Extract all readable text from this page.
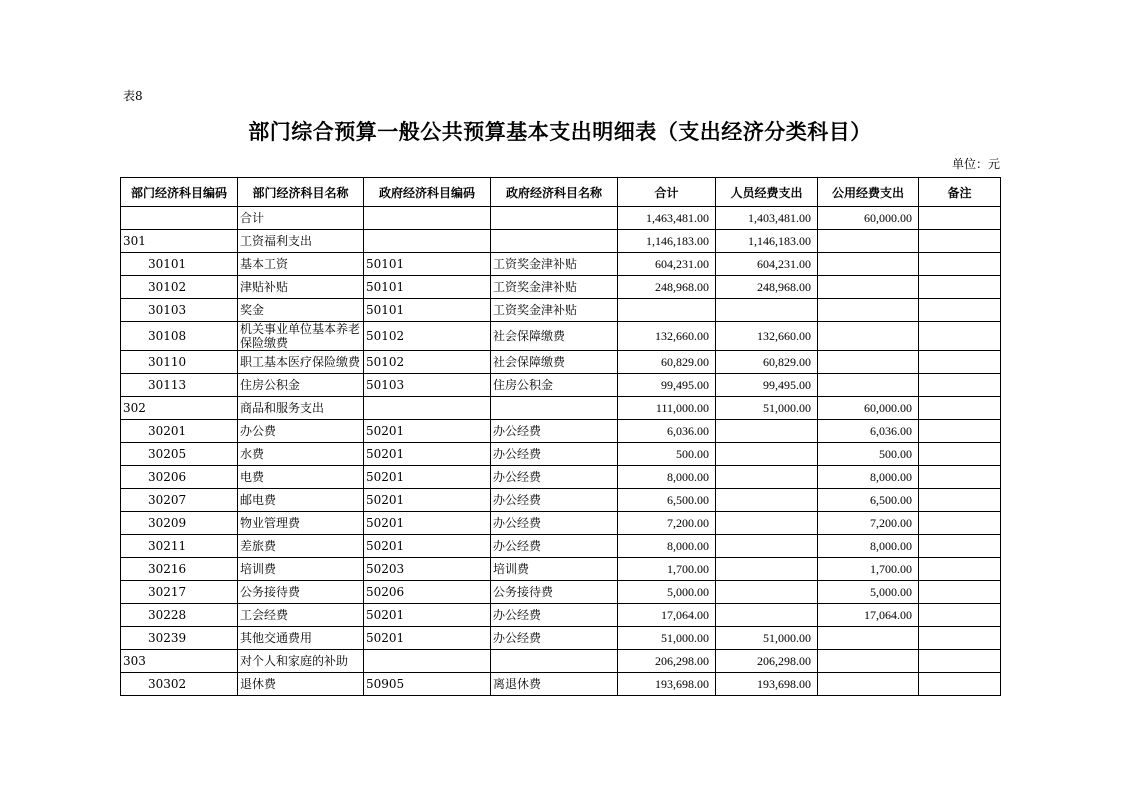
表8
部门综合预算一般公共预算基本支出明细表（支出经济分类科目）
单位：元
部门经济科目编码	部门经济科目名称	政府经济科目编码	政府经济科目名称	合计	人员经费支出	公用经费支出	备注
	合计			1,463,481.00	1,403,481.00	60,000.00	
301	工资福利支出			1,146,183.00	1,146,183.00		
30101	基本工资	50101	工资奖金津补贴	604,231.00	604,231.00		
30102	津贴补贴	50101	工资奖金津补贴	248,968.00	248,968.00		
30103	奖金	50101	工资奖金津补贴				
30108	机关事业单位基本养老保险缴费	50102	社会保障缴费	132,660.00	132,660.00		
30110	职工基本医疗保险缴费	50102	社会保障缴费	60,829.00	60,829.00		
30113	住房公积金	50103	住房公积金	99,495.00	99,495.00		
302	商品和服务支出			111,000.00	51,000.00	60,000.00	
30201	办公费	50201	办公经费	6,036.00		6,036.00	
30205	水费	50201	办公经费	500.00		500.00	
30206	电费	50201	办公经费	8,000.00		8,000.00	
30207	邮电费	50201	办公经费	6,500.00		6,500.00	
30209	物业管理费	50201	办公经费	7,200.00		7,200.00	
30211	差旅费	50201	办公经费	8,000.00		8,000.00	
30216	培训费	50203	培训费	1,700.00		1,700.00	
30217	公务接待费	50206	公务接待费	5,000.00		5,000.00	
30228	工会经费	50201	办公经费	17,064.00		17,064.00	
30239	其他交通费用	50201	办公经费	51,000.00	51,000.00		
303	对个人和家庭的补助			206,298.00	206,298.00		
30302	退休费	50905	离退休费	193,698.00	193,698.00		
